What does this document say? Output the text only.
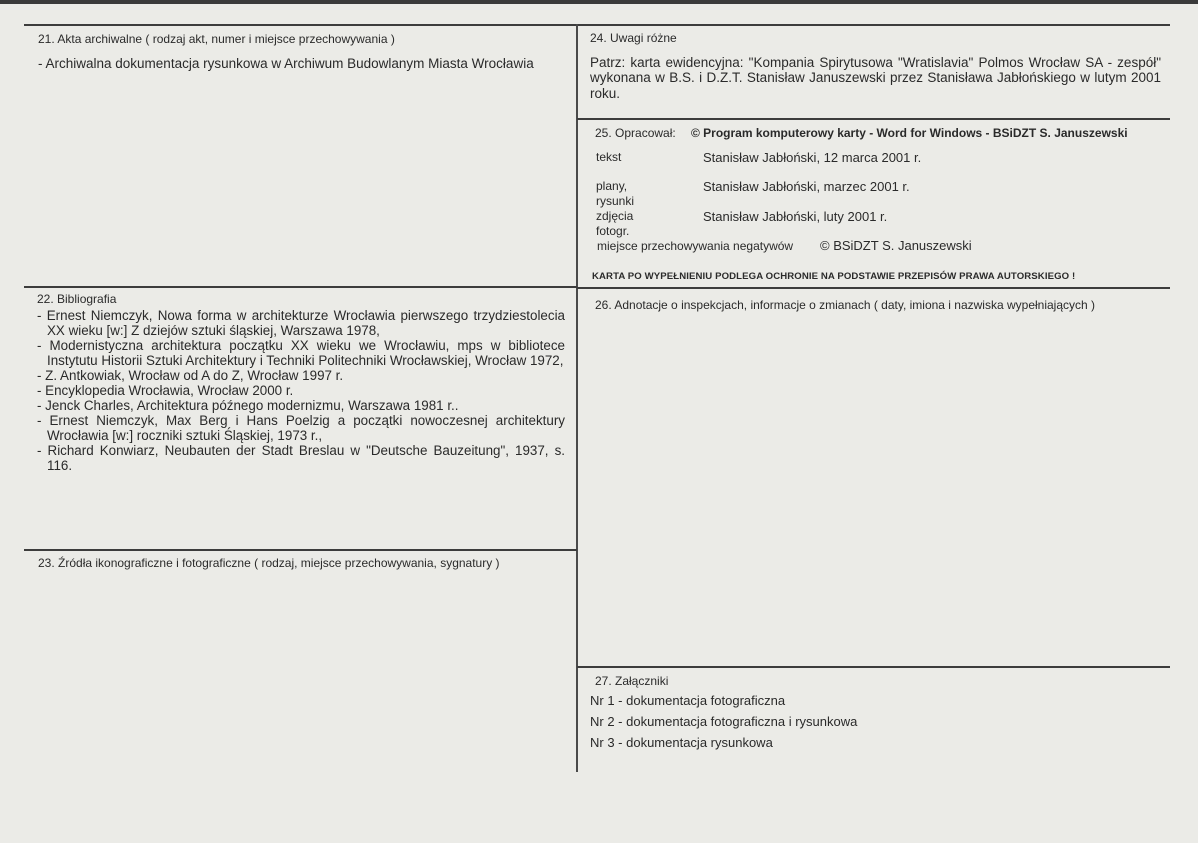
21. Akta archiwalne ( rodzaj akt, numer i miejsce przechowywania )

- Archiwalna dokumentacja rysunkowa w Archiwum Budowlanym Miasta Wrocławia

24. Uwagi różne

Patrz: karta ewidencyjna: "Kompania Spirytusowa "Wratislavia" Polmos Wrocław SA - zespół" wykonana w B.S. i D.Z.T. Stanisław Januszewski przez Stanisława Jabłońskiego w lutym 2001 roku.

25. Opracował: © Program komputerowy karty - Word for Windows - BSiDZT S. Januszewski
tekst	Stanisław Jabłoński, 12 marca 2001 r.
plany, rysunki
Stanisław Jabłoński, marzec 2001 r.
zdjęcia fotogr.
Stanisław Jabłoński, luty 2001 r.
miejsce przechowywania negatywów © BSiDZT S. Januszewski
KARTA PO WYPEŁNIENIU PODLEGA OCHRONIE NA PODSTAWIE PRZEPISÓW PRAWA AUTORSKIEGO !
22. Bibliografia
- Ernest Niemczyk, Nowa forma w architekturze Wrocławia pierwszego trzydziestolecia XX wieku [w:] Z dziejów sztuki śląskiej, Warszawa 1978,
- Modernistyczna architektura początku XX wieku we Wrocławiu, mps w bibliotece Instytutu Historii Sztuki Architektury i Techniki Politechniki Wrocławskiej, Wrocław 1972,
- Z. Antkowiak, Wrocław od A do Z, Wrocław 1997 r.
- Encyklopedia Wrocławia, Wrocław 2000 r.
- Jenck Charles, Architektura późnego modernizmu, Warszawa 1981 r..
- Ernest Niemczyk, Max Berg i Hans Poelzig a początki nowoczesnej architektury Wrocławia [w:] roczniki sztuki Śląskiej, 1973 r.,
- Richard Konwiarz, Neubauten der Stadt Breslau w "Deutsche Bauzeitung", 1937, s. 116.
26. Adnotacje o inspekcjach, informacje o zmianach ( daty, imiona i nazwiska wypełniających )
23. Źródła ikonograficzne i fotograficzne ( rodzaj, miejsce przechowywania, sygnatury )
27. Załączniki
Nr 1 - dokumentacja fotograficzna
Nr 2 - dokumentacja fotograficzna i rysunkowa
Nr 3 - dokumentacja rysunkowa
